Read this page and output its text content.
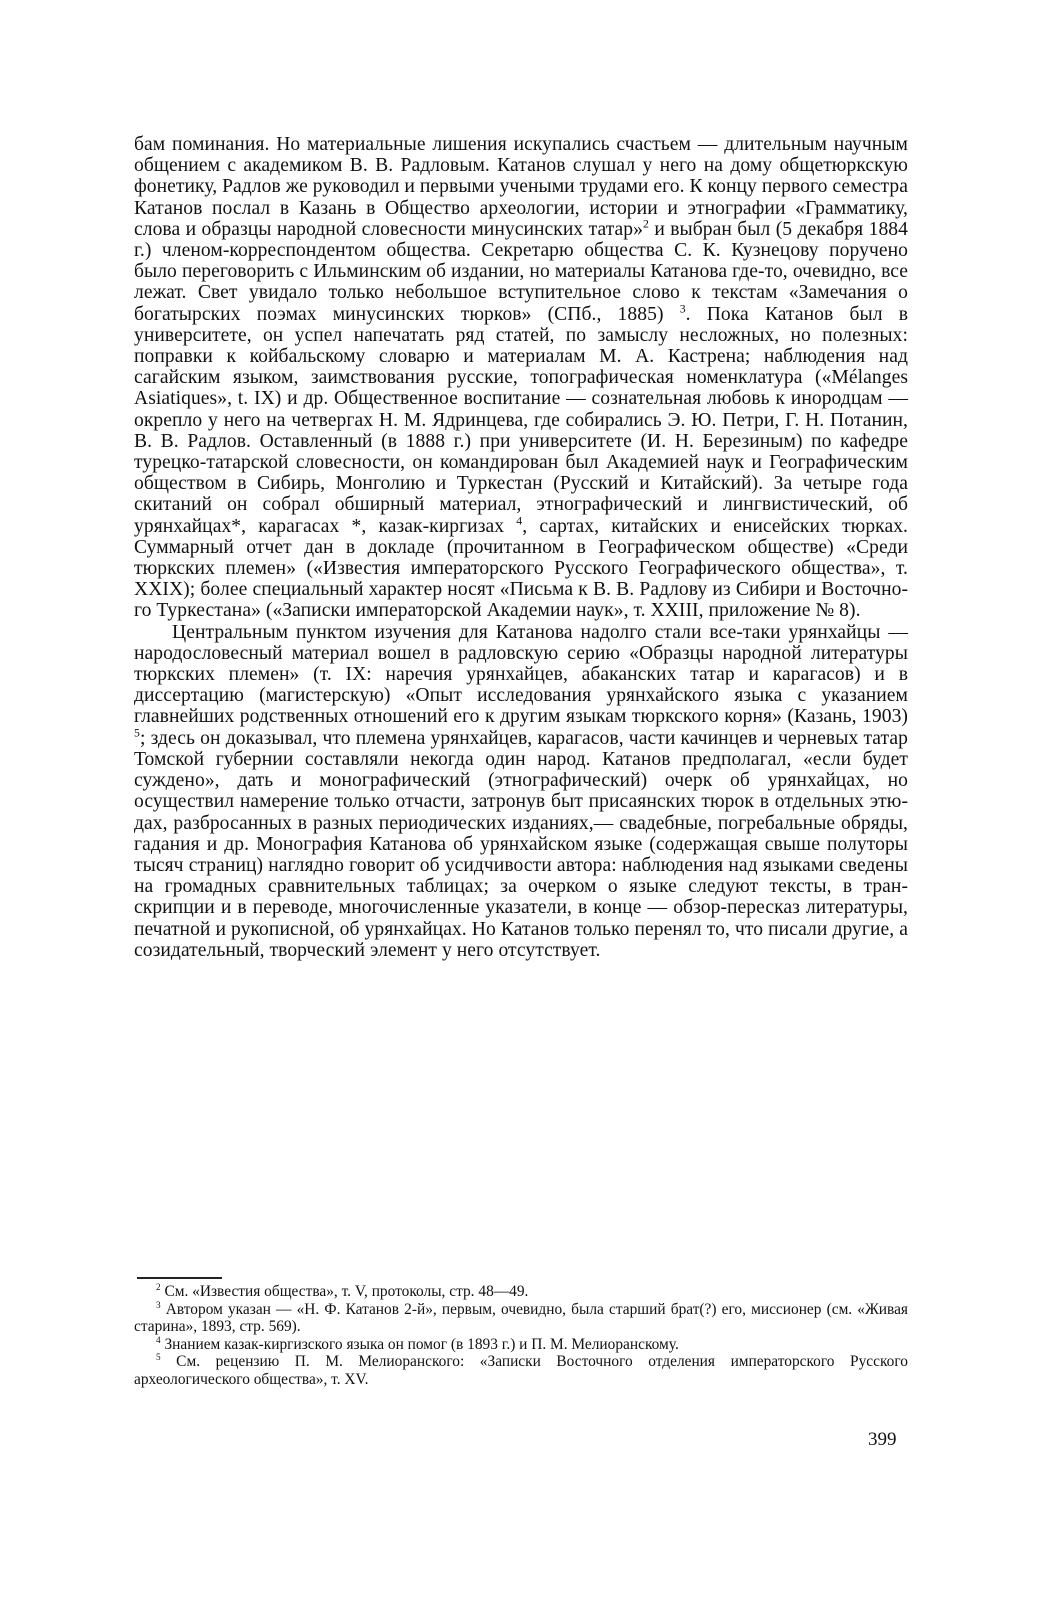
бам поминания. Но материальные лишения искупались счастьем — длительным научным общением с академиком В. В. Радловым. Катанов слушал у него на дому общетюркскую фонетику, Радлов же руководил и первыми учеными трудами его. К концу первого семестра Катанов послал в Казань в Общество археологии, истории и этнографии «Грамматику, слова и образцы народной словесности минусинских татар»$^2$ и выбран был (5 декабря 1884 г.) членом-корреспондентом общества. Секретарю общества С. К. Кузнецову поручено было переговорить с Ильминским об издании, но материалы Катанова где-то, очевидно, все лежат. Свет увидало только небольшое вступительное слово к текстам «Замечания о богатырских поэмах минусинских тюрков» (СПб., 1885) $^3$. Пока Катанов был в университете, он успел напечатать ряд статей, по замыслу несложных, но полезных: поправки к койбальскому словарю и материалам М. А. Кастрена; наблюдения над сагайским языком, заимствования русские, топографическая номенклатура («Mélanges Asiatiques», t. IX) и др. Общественное воспитание — сознательная любовь к инородцам — окрепло у него на четвергах Н. М. Ядринцева, где собирались Э. Ю. Петри, Г. Н. Потанин, В. В. Радлов. Оставленный (в 1888 г.) при университете (И. Н. Березиным) по кафедре турецко-татарской словесности, он командирован был Академией наук и Географическим обществом в Сибирь, Монголию и Туркестан (Русский и Китайский). За четыре года скитаний он собрал обширный материал, этнографический и лингвистический, об урянхайцах*, карагасах *, казак-киргизах $^4$, сартах, китайских и енисейских тюрках. Суммарный отчет дан в докладе (прочитанном в Географическом обществе) «Среди тюркских племен» («Известия императорского Русского Географического общества», т. XXIX); более специальный характер носят «Письма к В. В. Радлову из Сибири и Восточного Туркестана» («Записки императорской Академии наук», т. XXIII, приложение № 8).

Центральным пунктом изучения для Катанова надолго стали все-таки урянхайцы — народословесный материал вошел в радловскую серию «Образцы народной литературы тюркских племен» (т. IX: наречия урянхайцев, абаканских татар и карагасов) и в диссертацию (магистерскую) «Опыт исследования урянхайского языка с указанием главнейших родственных отношений его к другим языкам тюркского корня» (Казань, 1903) $^5$; здесь он доказывал, что племена урянхайцев, карагасов, части качинцев и черневых татар Томской губернии составляли некогда один народ. Катанов предполагал, «если будет суждено», дать и монографический (этнографический) очерк об урянхайцах, но осуществил намерение только отчасти, затронув быт присаянских тюрок в отдельных этюдах, разбросанных в разных периодических изданиях,— свадебные, погребальные обряды, гадания и др. Монография Катанова об урянхайском языке (содержащая свыше полуторы тысяч страниц) наглядно говорит об усидчивости автора: наблюдения над языками сведены на громадных сравнительных таблицах; за очерком о языке следуют тексты, в транскрипции и в переводе, многочисленные указатели, в конце — обзор-пересказ литературы, печатной и рукописной, об урянхайцах. Но Катанов только перенял то, что писали другие, а созидательный, творческий элемент у него отсутствует.

$^2$ См. «Известия общества», т. V, протоколы, стр. 48—49.
$^3$ Автором указан — «Н. Ф. Катанов 2-й», первым, очевидно, была старший брат(?) его, миссионер (см. «Живая старина», 1893, стр. 569).
$^4$ Знанием казак-киргизского языка он помог (в 1893 г.) и П. М. Мелиоранскому.
$^5$ См. рецензию П. М. Мелиоранского: «Записки Восточного отделения императорского Русского археологического общества», т. XV.
399
